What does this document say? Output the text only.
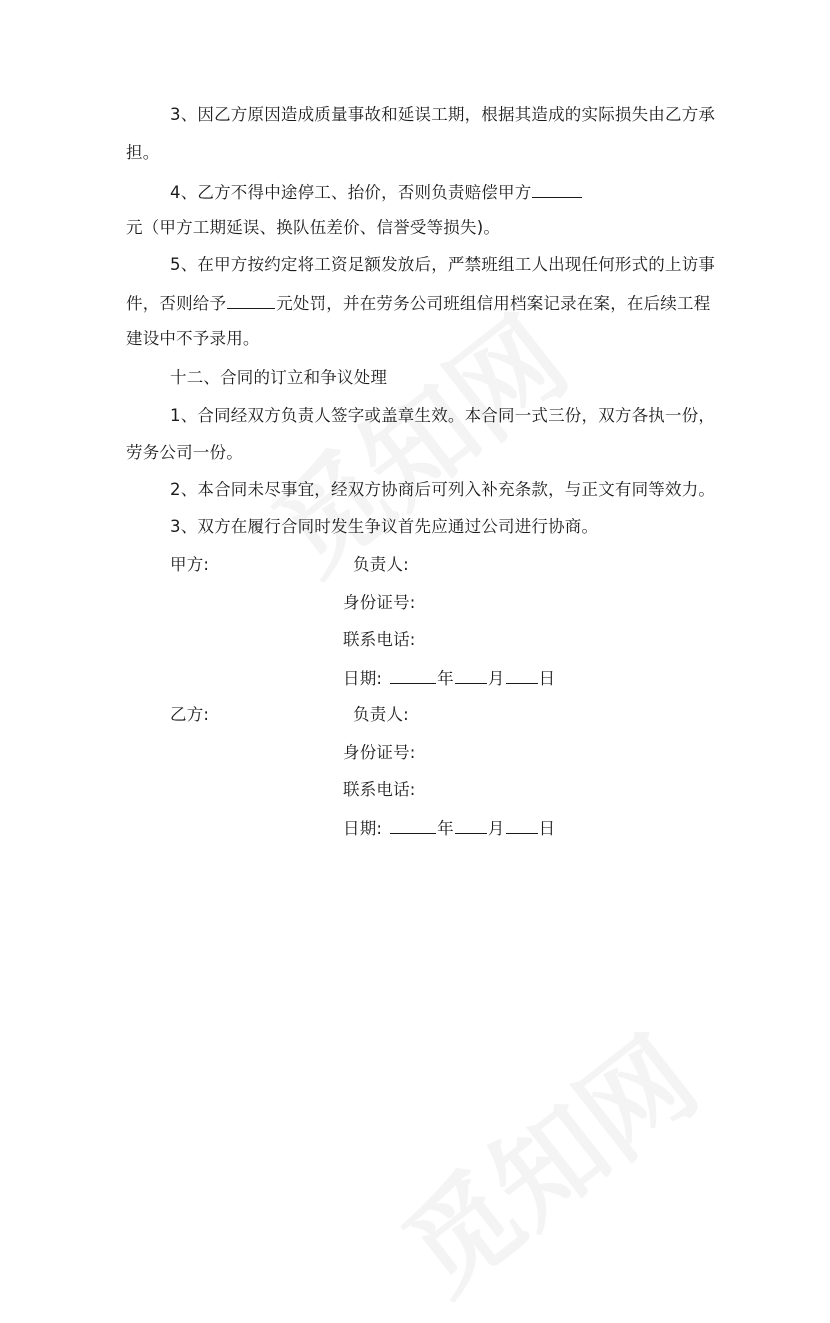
3、因乙方原因造成质量事故和延误工期，根据其造成的实际损失由乙方承
担。
4、乙方不得中途停工、抬价，否则负责赔偿甲方
元（甲方工期延误、换队伍差价、信誉受等损失)。
5、在甲方按约定将工资足额发放后，严禁班组工人出现任何形式的上访事
件，否则给予	元处罚，并在劳务公司班组信用档案记录在案，在后续工程
建设中不予录用。
十二、合同的订立和争议处理
1、合同经双方负责人签字或盖章生效。本合同一式三份，双方各执一份，
劳务公司一份。
2、本合同未尽事宜，经双方协商后可列入补充条款，与正文有同等效力。
3、双方在履行合同时发生争议首先应通过公司进行协商。
甲方:	负责人:
身份证号:
联系电话:
日期:	年 月 日
乙方:	负责人:
身份证号:
联系电话:
日期:	年 月 日
